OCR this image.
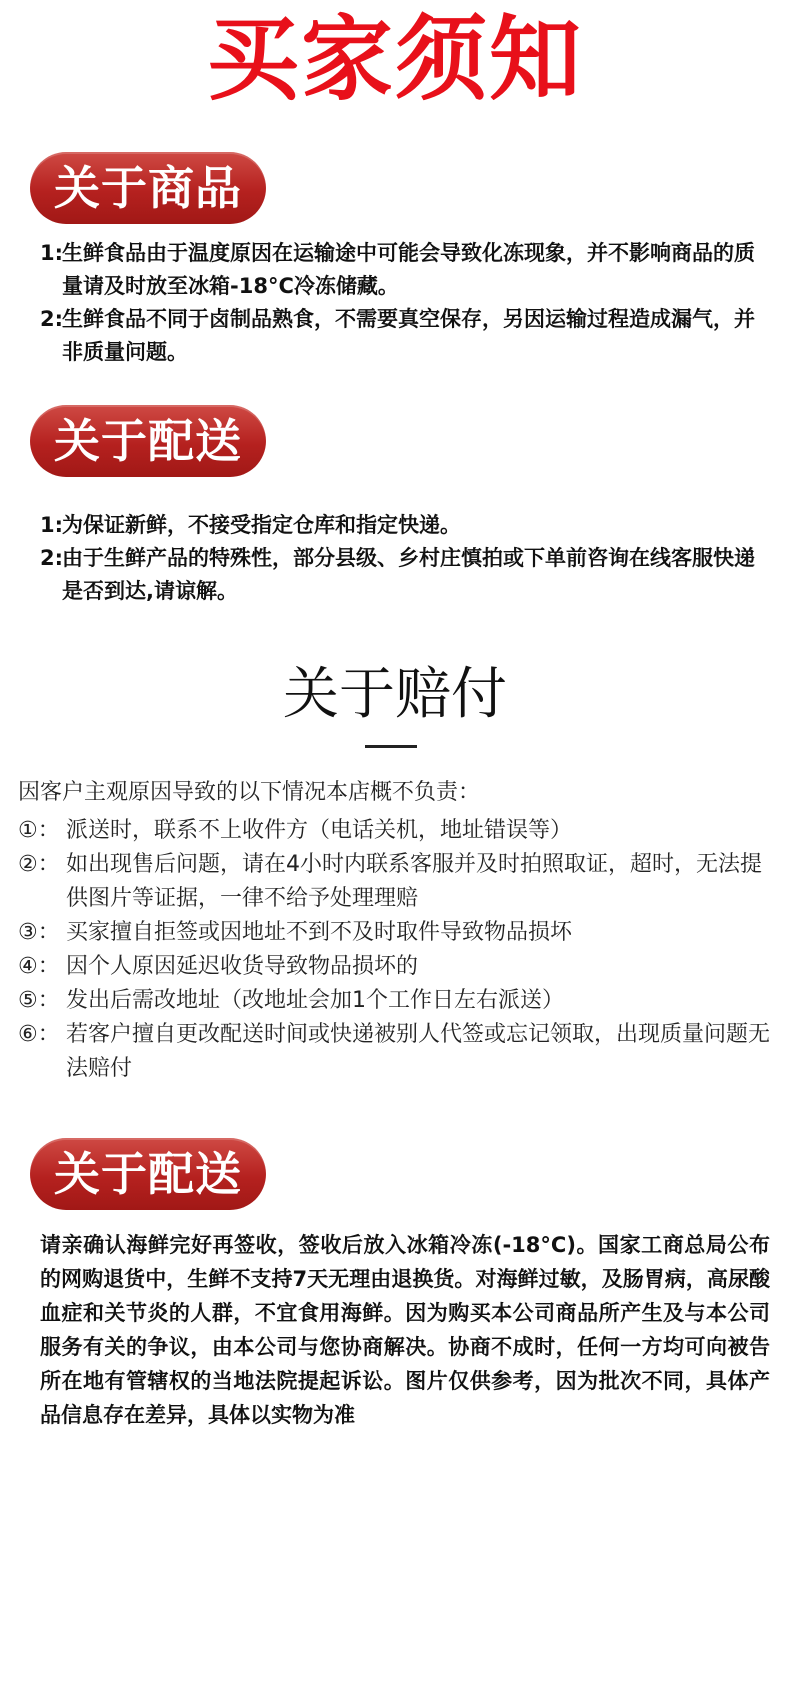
买家须知
关于商品
1:
生鲜食品由于温度原因在运输途中可能会导致化冻现象，并不影响商品的质量请及时放至冰箱-18°C冷冻储藏。
2:
生鲜食品不同于卤制品熟食，不需要真空保存，另因运输过程造成漏气，并非质量问题。
关于配送
1:
为保证新鲜，不接受指定仓库和指定快递。
2:
由于生鲜产品的特殊性，部分县级、乡村庄慎拍或下单前咨询在线客服快递是否到达,请谅解。
关于赔付
因客户主观原因导致的以下情况本店概不负责：
①： 派送时，联系不上收件方（电话关机，地址错误等）
②： 如出现售后问题，请在4小时内联系客服并及时拍照取证，超时，无法提供图片等证据，一律不给予处理理赔
③： 买家擅自拒签或因地址不到不及时取件导致物品损坏
④： 因个人原因延迟收货导致物品损坏的
⑤： 发出后需改地址（改地址会加1个工作日左右派送）
⑥： 若客户擅自更改配送时间或快递被别人代签或忘记领取，出现质量问题无法赔付
关于配送
请亲确认海鲜完好再签收，签收后放入冰箱冷冻(-18°C)。国家工商总局公布的网购退货中，生鲜不支持7天无理由退换货。对海鲜过敏，及肠胃病，高尿酸血症和关节炎的人群，不宜食用海鲜。因为购买本公司商品所产生及与本公司服务有关的争议，由本公司与您协商解决。协商不成时，任何一方均可向被告所在地有管辖权的当地法院提起诉讼。图片仅供参考，因为批次不同，具体产品信息存在差异，具体以实物为准
